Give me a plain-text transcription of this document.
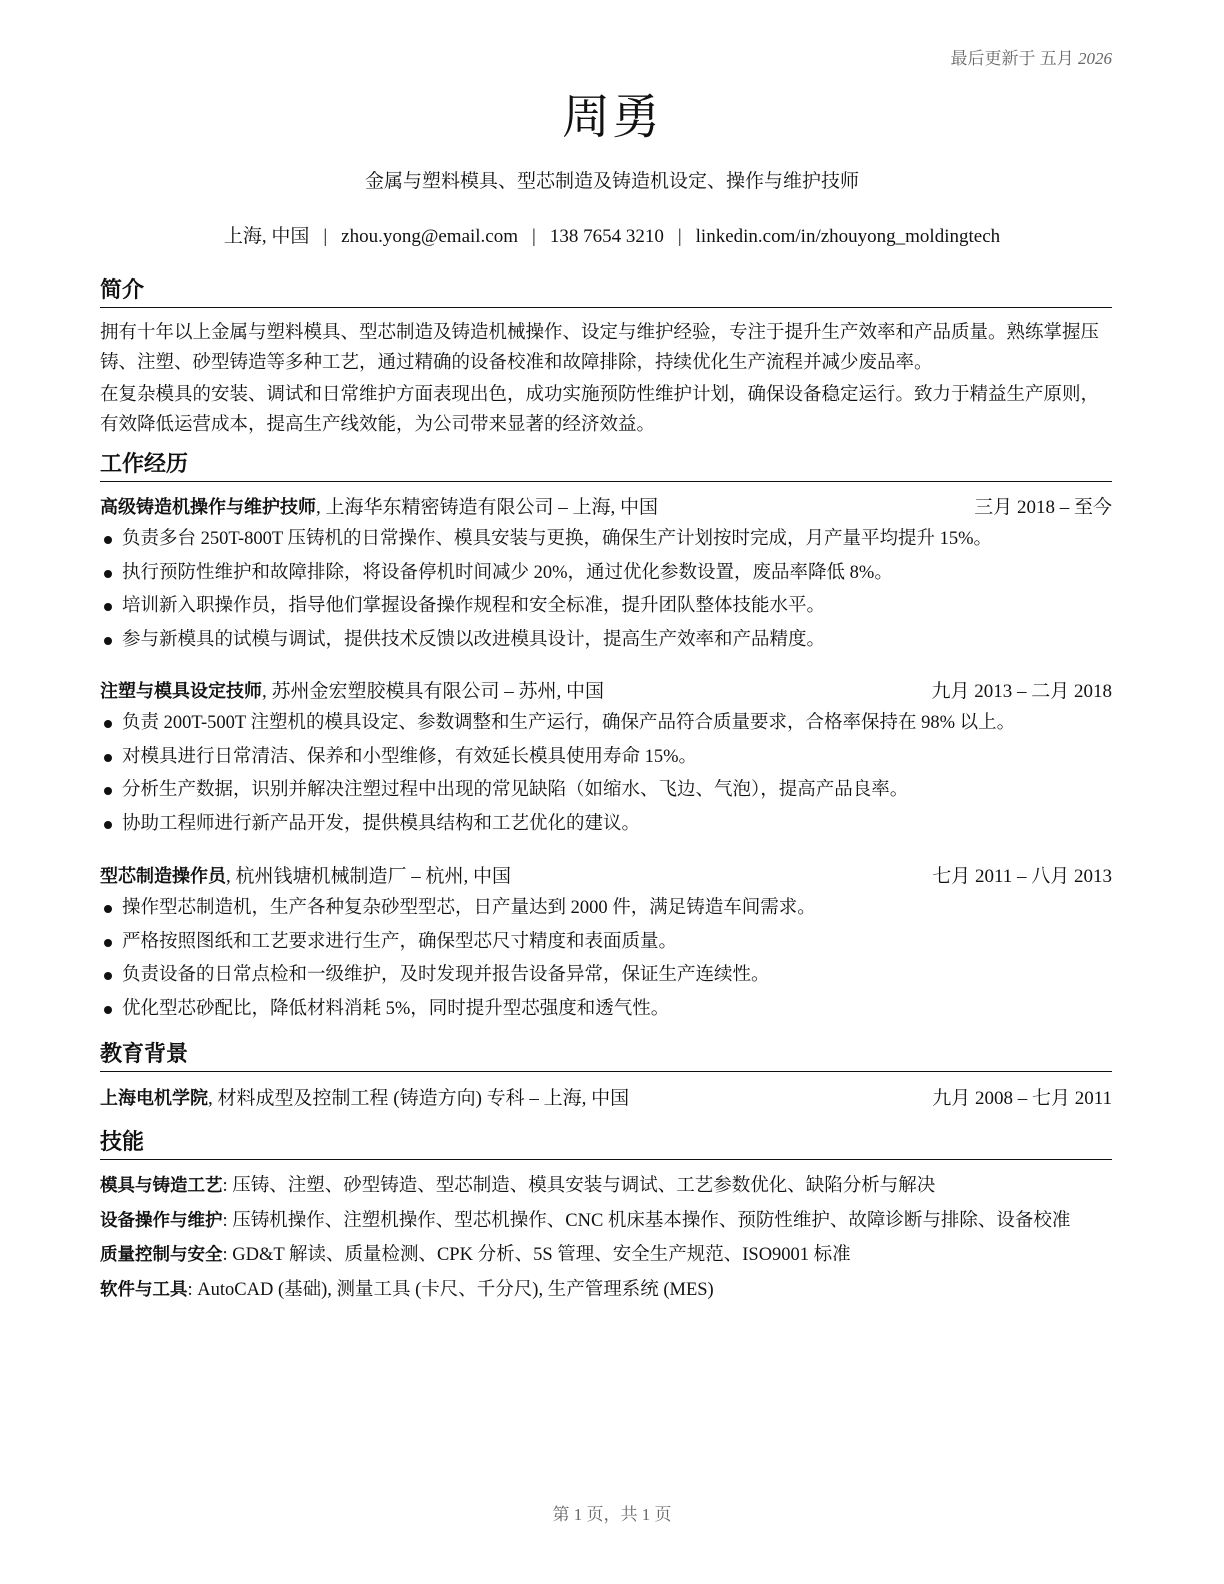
最后更新于 五月 2026
周勇
金属与塑料模具、型芯制造及铸造机设定、操作与维护技师
上海, 中国 | zhou.yong@email.com | 138 7654 3210 | linkedin.com/in/zhouyong_moldingtech
简介
拥有十年以上金属与塑料模具、型芯制造及铸造机械操作、设定与维护经验，专注于提升生产效率和产品质量。熟练掌握压铸、注塑、砂型铸造等多种工艺，通过精确的设备校准和故障排除，持续优化生产流程并减少废品率。
在复杂模具的安装、调试和日常维护方面表现出色，成功实施预防性维护计划，确保设备稳定运行。致力于精益生产原则，有效降低运营成本，提高生产线效能，为公司带来显著的经济效益。
工作经历
高级铸造机操作与维护技师, 上海华东精密铸造有限公司 – 上海, 中国	三月 2018 – 至今
负责多台 250T-800T 压铸机的日常操作、模具安装与更换，确保生产计划按时完成，月产量平均提升 15%。
执行预防性维护和故障排除，将设备停机时间减少 20%，通过优化参数设置，废品率降低 8%。
培训新入职操作员，指导他们掌握设备操作规程和安全标准，提升团队整体技能水平。
参与新模具的试模与调试，提供技术反馈以改进模具设计，提高生产效率和产品精度。
注塑与模具设定技师, 苏州金宏塑胶模具有限公司 – 苏州, 中国	九月 2013 – 二月 2018
负责 200T-500T 注塑机的模具设定、参数调整和生产运行，确保产品符合质量要求，合格率保持在 98% 以上。
对模具进行日常清洁、保养和小型维修，有效延长模具使用寿命 15%。
分析生产数据，识别并解决注塑过程中出现的常见缺陷（如缩水、飞边、气泡），提高产品良率。
协助工程师进行新产品开发，提供模具结构和工艺优化的建议。
型芯制造操作员, 杭州钱塘机械制造厂 – 杭州, 中国	七月 2011 – 八月 2013
操作型芯制造机，生产各种复杂砂型型芯，日产量达到 2000 件，满足铸造车间需求。
严格按照图纸和工艺要求进行生产，确保型芯尺寸精度和表面质量。
负责设备的日常点检和一级维护，及时发现并报告设备异常，保证生产连续性。
优化型芯砂配比，降低材料消耗 5%，同时提升型芯强度和透气性。
教育背景
上海电机学院, 材料成型及控制工程 (铸造方向) 专科 – 上海, 中国	九月 2008 – 七月 2011
技能
模具与铸造工艺: 压铸、注塑、砂型铸造、型芯制造、模具安装与调试、工艺参数优化、缺陷分析与解决
设备操作与维护: 压铸机操作、注塑机操作、型芯机操作、CNC 机床基本操作、预防性维护、故障诊断与排除、设备校准
质量控制与安全: GD&T 解读、质量检测、CPK 分析、5S 管理、安全生产规范、ISO9001 标准
软件与工具: AutoCAD (基础), 测量工具 (卡尺、千分尺), 生产管理系统 (MES)
第 1 页，共 1 页
